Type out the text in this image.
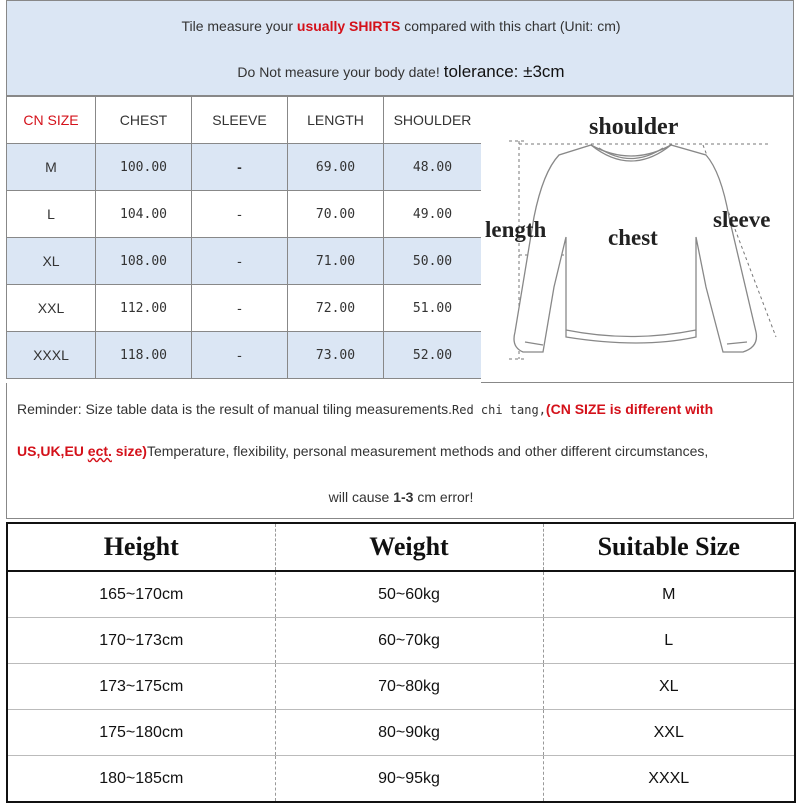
Tile measure your usually SHIRTS compared with this chart (Unit: cm)
Do Not measure your body date! tolerance: ±3cm
CN SIZE	CHEST	SLEEVE	LENGTH	SHOULDER
M	100.00	-	69.00	48.00
L	104.00	-	70.00	49.00
XL	108.00	-	71.00	50.00
XXL	112.00	-	72.00	51.00
XXXL	118.00	-	73.00	52.00
shoulder
length	chest
sleeve
Reminder: Size table data is the result of manual tiling measurements.Red chi tang,(CN SIZE is different with
US,UK,EU ect. size)Temperature, flexibility, personal measurement methods and other different circumstances,
will cause 1-3 cm error!
Height	Weight	Suitable Size
165~170cm	50~60kg	M
170~173cm	60~70kg	L
173~175cm	70~80kg	XL
175~180cm	80~90kg	XXL
180~185cm	90~95kg	XXXL
